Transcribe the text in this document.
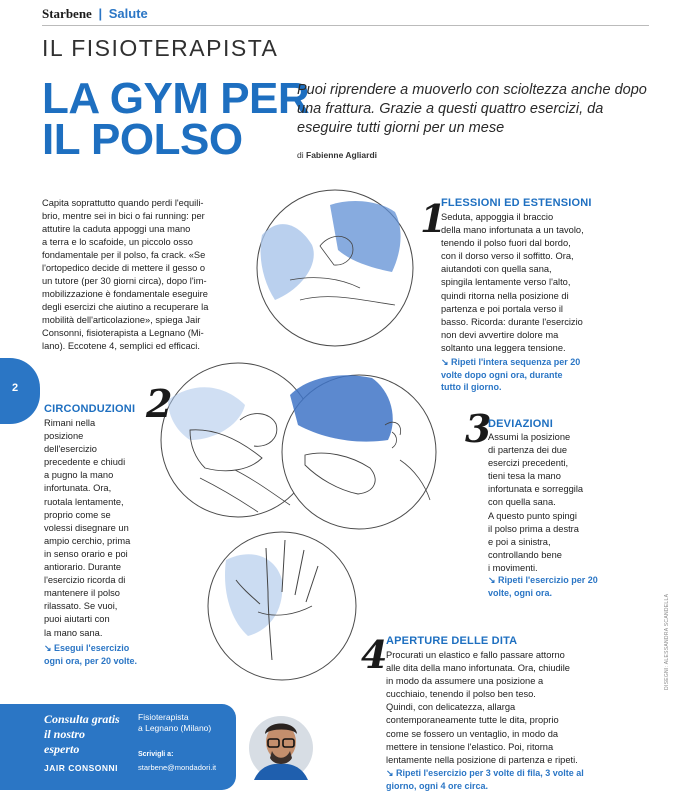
Starbene | Salute
IL FISIOTERAPISTA
LA GYM PER
IL POLSO
Puoi riprendere a muoverlo con scioltezza anche dopo una frattura. Grazie a questi quattro esercizi, da eseguire tutti giorni per un mese
di Fabienne Agliardi
Capita soprattutto quando perdi l'equili-
brio, mentre sei in bici o fai running: per
attutire la caduta appoggi una mano
a terra e lo scafoide, un piccolo osso
fondamentale per il polso, fa crack. «Se
l'ortopedico decide di mettere il gesso o
un tutore (per 30 giorni circa), dopo l'im-
mobilizzazione è fondamentale eseguire
degli esercizi che aiutino a recuperare la
mobilità dell'articolazione», spiega Jair
Consonni, fisioterapista a Legnano (Mi-
lano). Eccotene 4, semplici ed efficaci.
2
1
FLESSIONI ED ESTENSIONI
Seduta, appoggia il braccio
della mano infortunata a un tavolo,
tenendo il polso fuori dal bordo,
con il dorso verso il soffitto. Ora,
aiutandoti con quella sana,
spingila lentamente verso l'alto,
quindi ritorna nella posizione di
partenza e poi portala verso il
basso. Ricorda: durante l'esercizio
non devi avvertire dolore ma
soltanto una leggera tensione.
↘ Ripeti l'intera sequenza per 20
volte dopo ogni ora, durante
tutto il giorno.
CIRCONDUZIONI 2
Rimani nella
posizione
dell'esercizio
precedente e chiudi
a pugno la mano
infortunata. Ora,
ruotala lentamente,
proprio come se
volessi disegnare un
ampio cerchio, prima
in senso orario e poi
antiorario. Durante
l'esercizio ricorda di
mantenere il polso
rilassato. Se vuoi,
puoi aiutarti con
la mano sana.
↘ Esegui l'esercizio
ogni ora, per 20 volte.
3
DEVIAZIONI
Assumi la posizione
di partenza dei due
esercizi precedenti,
tieni tesa la mano
infortunata e sorreggila
con quella sana.
A questo punto spingi
il polso prima a destra
e poi a sinistra,
controllando bene
i movimenti.
↘ Ripeti l'esercizio per 20
volte, ogni ora.
4
APERTURE DELLE DITA
Procurati un elastico e fallo passare attorno
alle dita della mano infortunata. Ora, chiudile
in modo da assumere una posizione a
cucchiaio, tenendo il polso ben teso.
Quindi, con delicatezza, allarga
contemporaneamente tutte le dita, proprio
come se fossero un ventaglio, in modo da
mettere in tensione l'elastico. Poi, ritorna
lentamente nella posizione di partenza e ripeti.
↘ Ripeti l'esercizio per 3 volte di fila, 3 volte al
giorno, ogni 4 ore circa.
Consulta gratis
il nostro
esperto
JAIR CONSONNI
Fisioterapista
a Legnano (Milano)
Scrivigli a:
starbene@mondadori.it
DISEGNI: ALESSANDRA SCANDELLA
